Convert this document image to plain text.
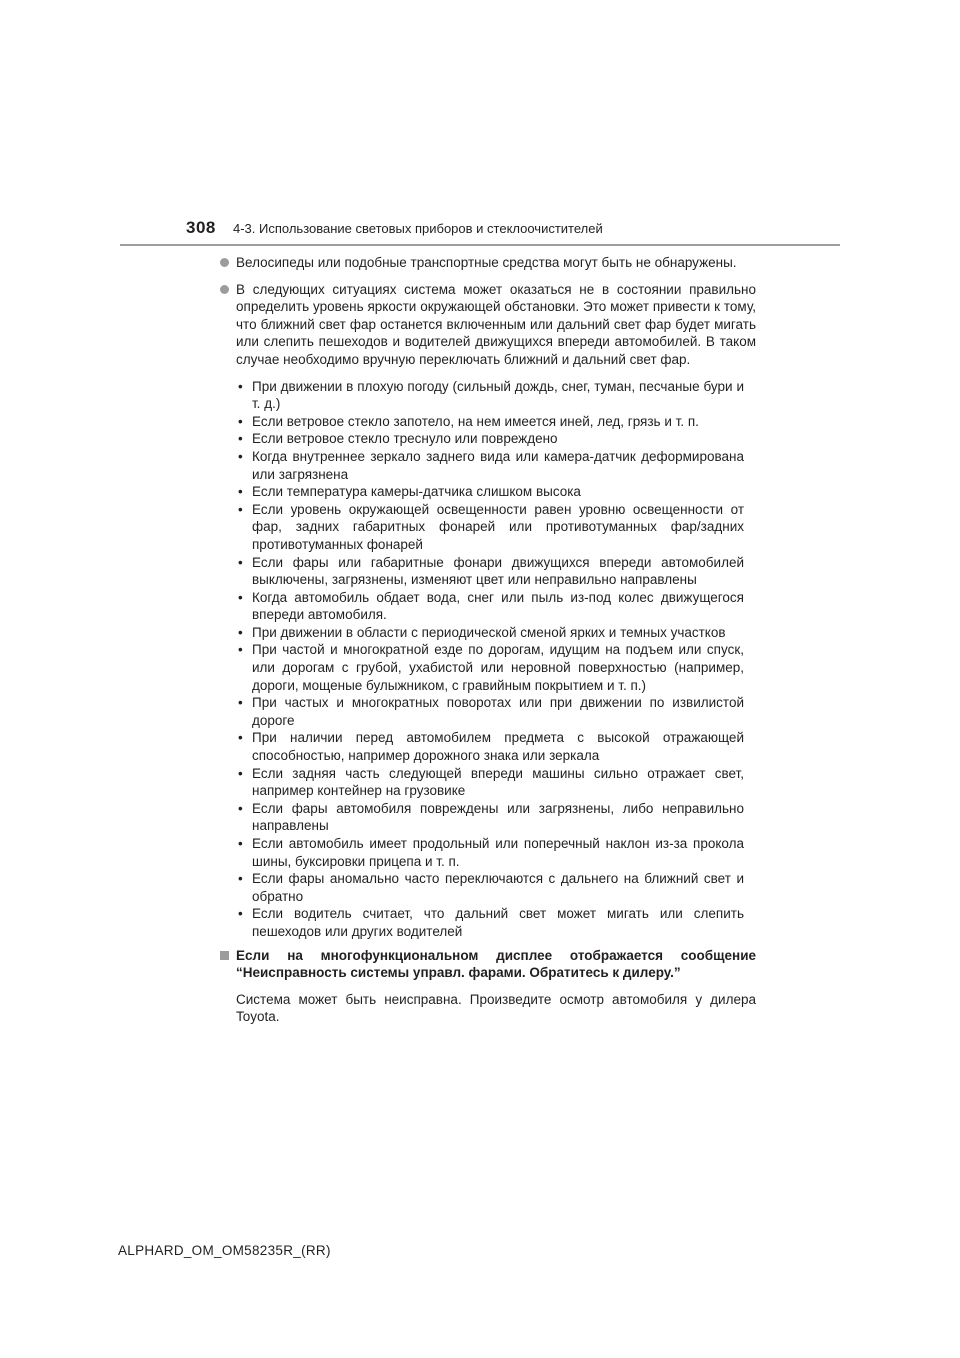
308 4-3. Использование световых приборов и стеклоочистителей
Велосипеды или подобные транспортные средства могут быть не обнаружены.
В следующих ситуациях система может оказаться не в состоянии правильно определить уровень яркости окружающей обстановки. Это может привести к тому, что ближний свет фар останется включенным или дальний свет фар будет мигать или слепить пешеходов и водителей движущихся впереди автомобилей. В таком случае необходимо вручную переключать ближний и дальний свет фар.
• При движении в плохую погоду (сильный дождь, снег, туман, песчаные бури и т. д.)
• Если ветровое стекло запотело, на нем имеется иней, лед, грязь и т. п.
• Если ветровое стекло треснуло или повреждено
• Когда внутреннее зеркало заднего вида или камера-датчик деформирована или загрязнена
• Если температура камеры-датчика слишком высока
• Если уровень окружающей освещенности равен уровню освещенности от фар, задних габаритных фонарей или противотуманных фар/задних противотуманных фонарей
• Если фары или габаритные фонари движущихся впереди автомобилей выключены, загрязнены, изменяют цвет или неправильно направлены
• Когда автомобиль обдает вода, снег или пыль из-под колес движущегося впереди автомобиля.
• При движении в области с периодической сменой ярких и темных участков
• При частой и многократной езде по дорогам, идущим на подъем или спуск, или дорогам с грубой, ухабистой или неровной поверхностью (например, дороги, мощеные булыжником, с гравийным покрытием и т. п.)
• При частых и многократных поворотах или при движении по извилистой дороге
• При наличии перед автомобилем предмета с высокой отражающей способностью, например дорожного знака или зеркала
• Если задняя часть следующей впереди машины сильно отражает свет, например контейнер на грузовике
• Если фары автомобиля повреждены или загрязнены, либо неправильно направлены
• Если автомобиль имеет продольный или поперечный наклон из-за прокола шины, буксировки прицепа и т. п.
• Если фары аномально часто переключаются с дальнего на ближний свет и обратно
• Если водитель считает, что дальний свет может мигать или слепить пешеходов или других водителей
Если на многофункциональном дисплее отображается сообщение “Неисправность системы управл. фарами. Обратитесь к дилеру.”
Система может быть неисправна. Произведите осмотр автомобиля у дилера Toyota.
ALPHARD_OM_OM58235R_(RR)
